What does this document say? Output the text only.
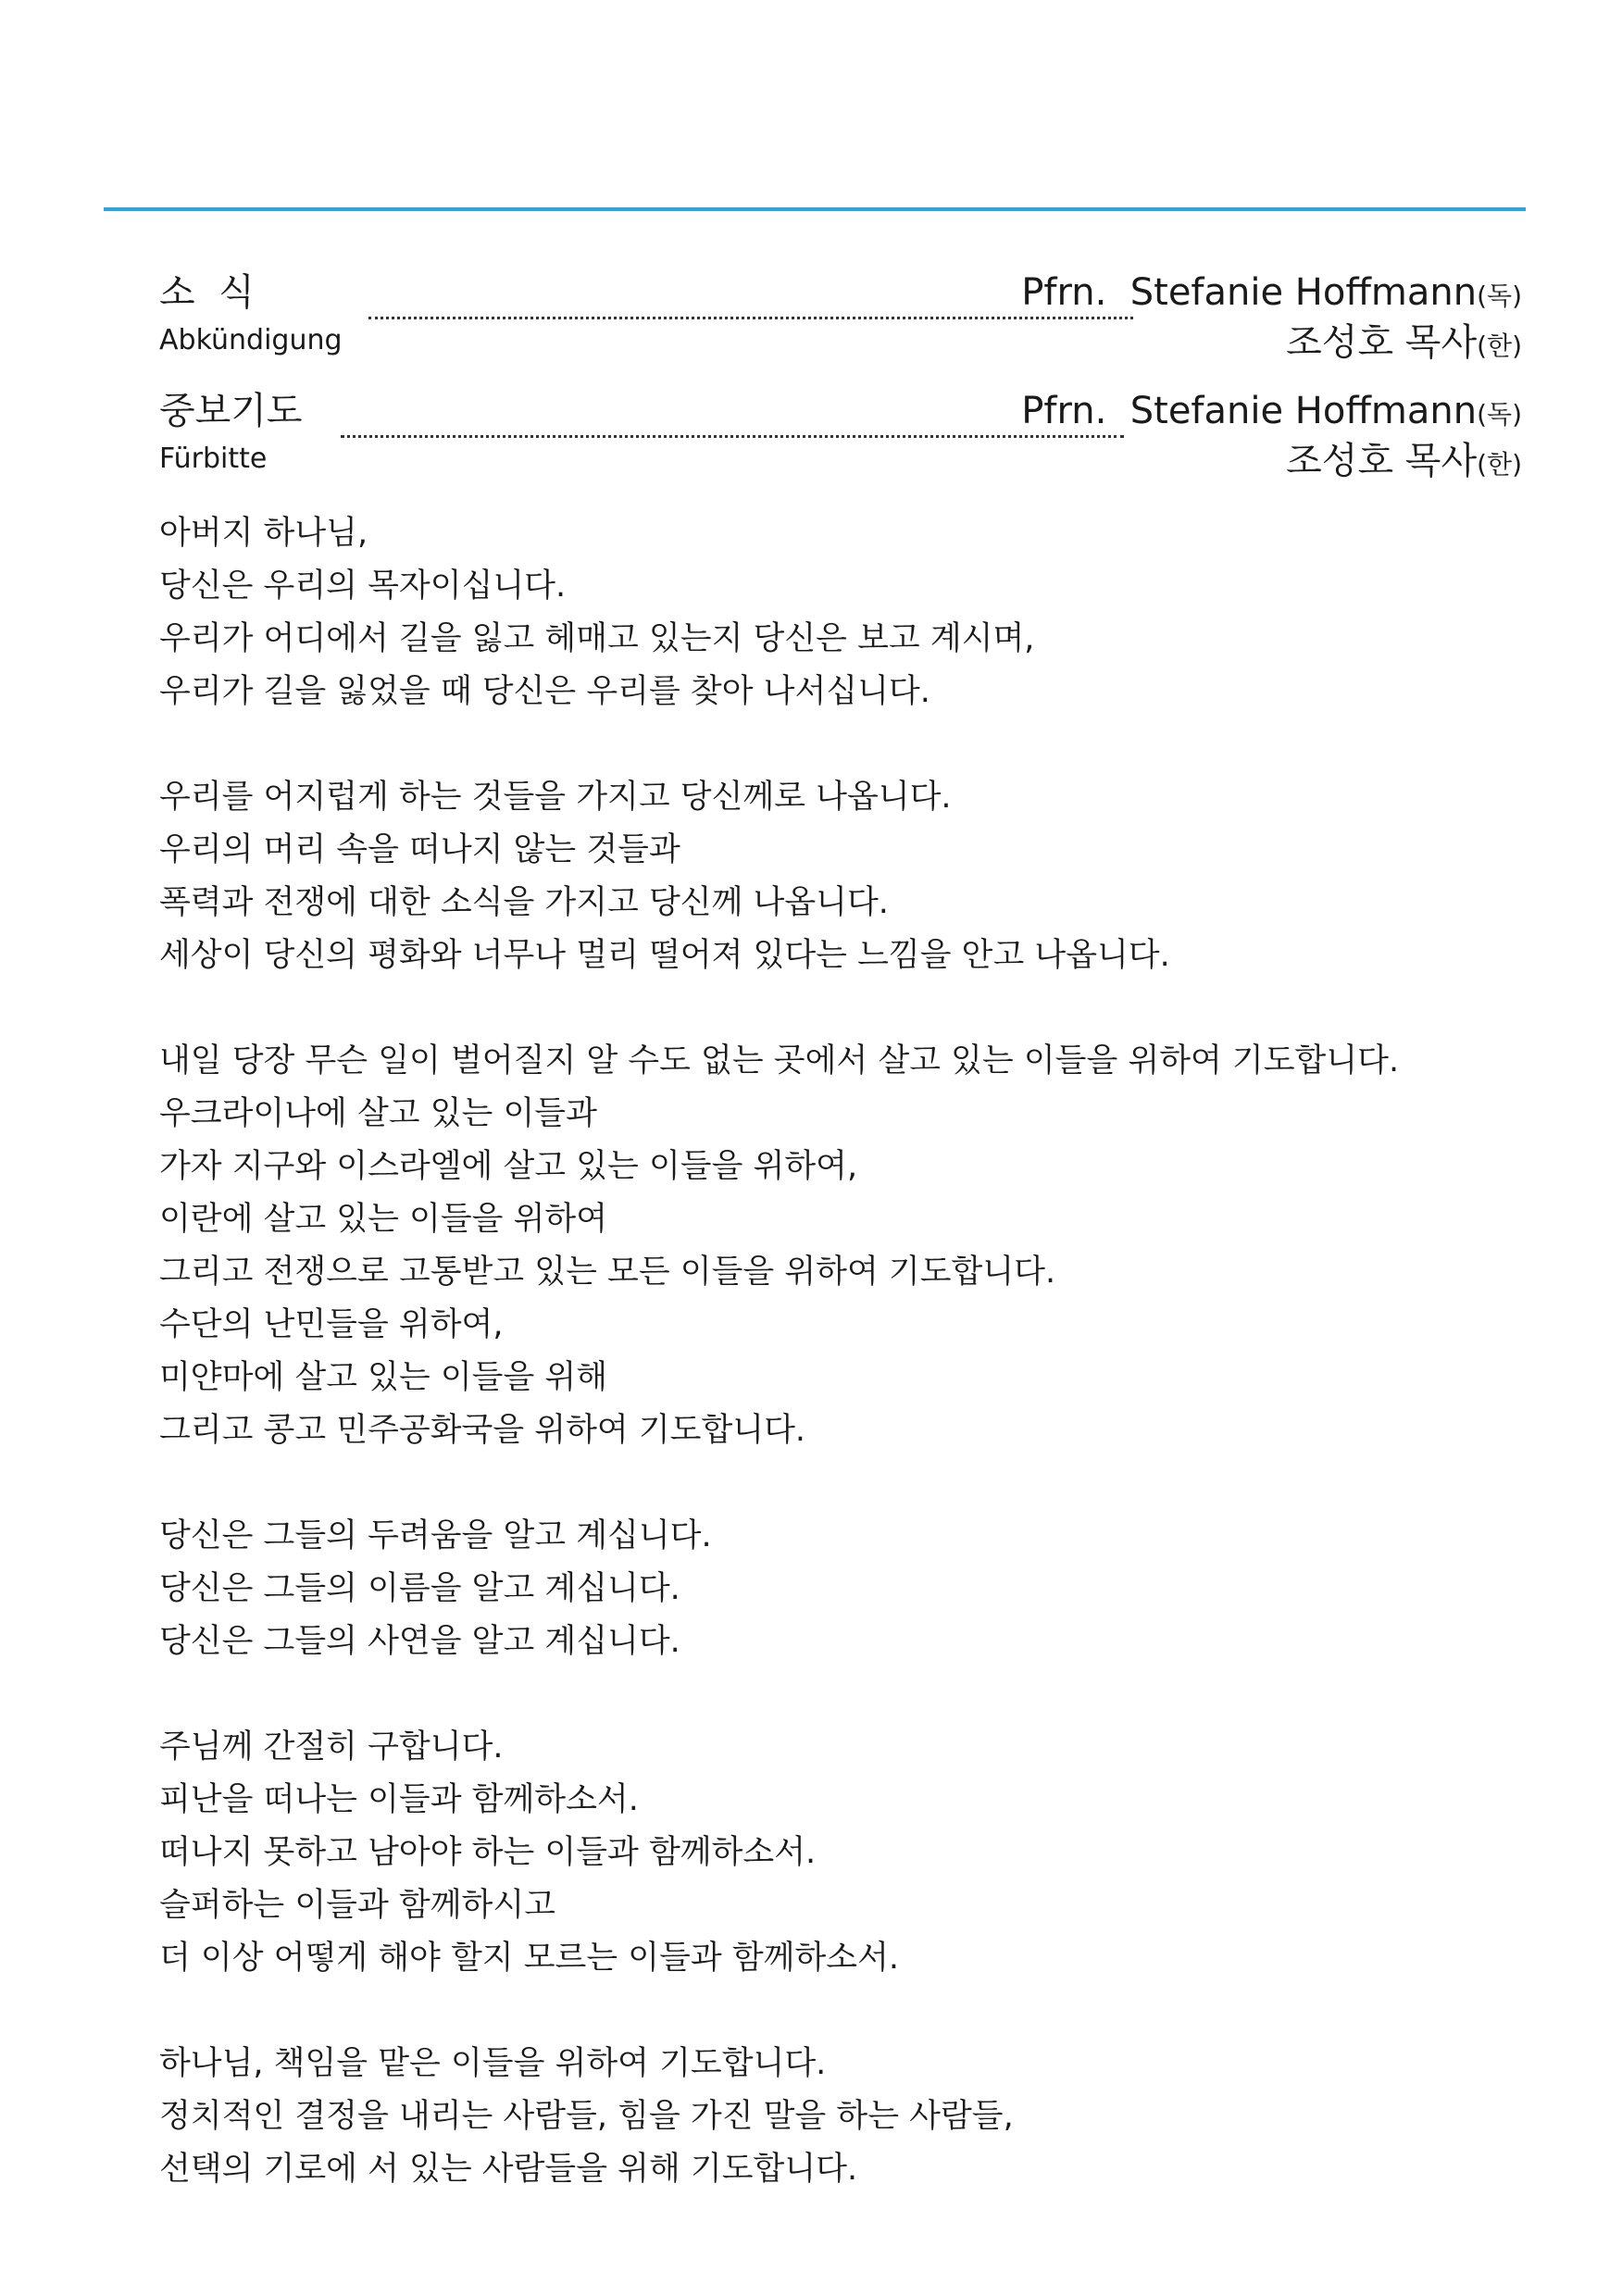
소  식
Abkündigung
Pfrn.  Stefanie Hoffmann(독)
조성호 목사(한)
중보기도
Fürbitte
Pfrn.  Stefanie Hoffmann(독)
조성호 목사(한)
아버지 하나님,
당신은 우리의 목자이십니다.
우리가 어디에서 길을 잃고 헤매고 있는지 당신은 보고 계시며,
우리가 길을 잃었을 때 당신은 우리를 찾아 나서십니다.
우리를 어지럽게 하는 것들을 가지고 당신께로 나옵니다.
우리의 머리 속을 떠나지 않는 것들과
폭력과 전쟁에 대한 소식을 가지고 당신께 나옵니다.
세상이 당신의 평화와 너무나 멀리 떨어져 있다는 느낌을 안고 나옵니다.
내일 당장 무슨 일이 벌어질지 알 수도 없는 곳에서 살고 있는 이들을 위하여 기도합니다.
우크라이나에 살고 있는 이들과
가자 지구와 이스라엘에 살고 있는 이들을 위하여,
이란에 살고 있는 이들을 위하여
그리고 전쟁으로 고통받고 있는 모든 이들을 위하여 기도합니다.
수단의 난민들을 위하여,
미얀마에 살고 있는 이들을 위해
그리고 콩고 민주공화국을 위하여 기도합니다.
당신은 그들의 두려움을 알고 계십니다.
당신은 그들의 이름을 알고 계십니다.
당신은 그들의 사연을 알고 계십니다.
주님께 간절히 구합니다.
피난을 떠나는 이들과 함께하소서.
떠나지 못하고 남아야 하는 이들과 함께하소서.
슬퍼하는 이들과 함께하시고
더 이상 어떻게 해야 할지 모르는 이들과 함께하소서.
하나님, 책임을 맡은 이들을 위하여 기도합니다.
정치적인 결정을 내리는 사람들, 힘을 가진 말을 하는 사람들,
선택의 기로에 서 있는 사람들을 위해 기도합니다.
